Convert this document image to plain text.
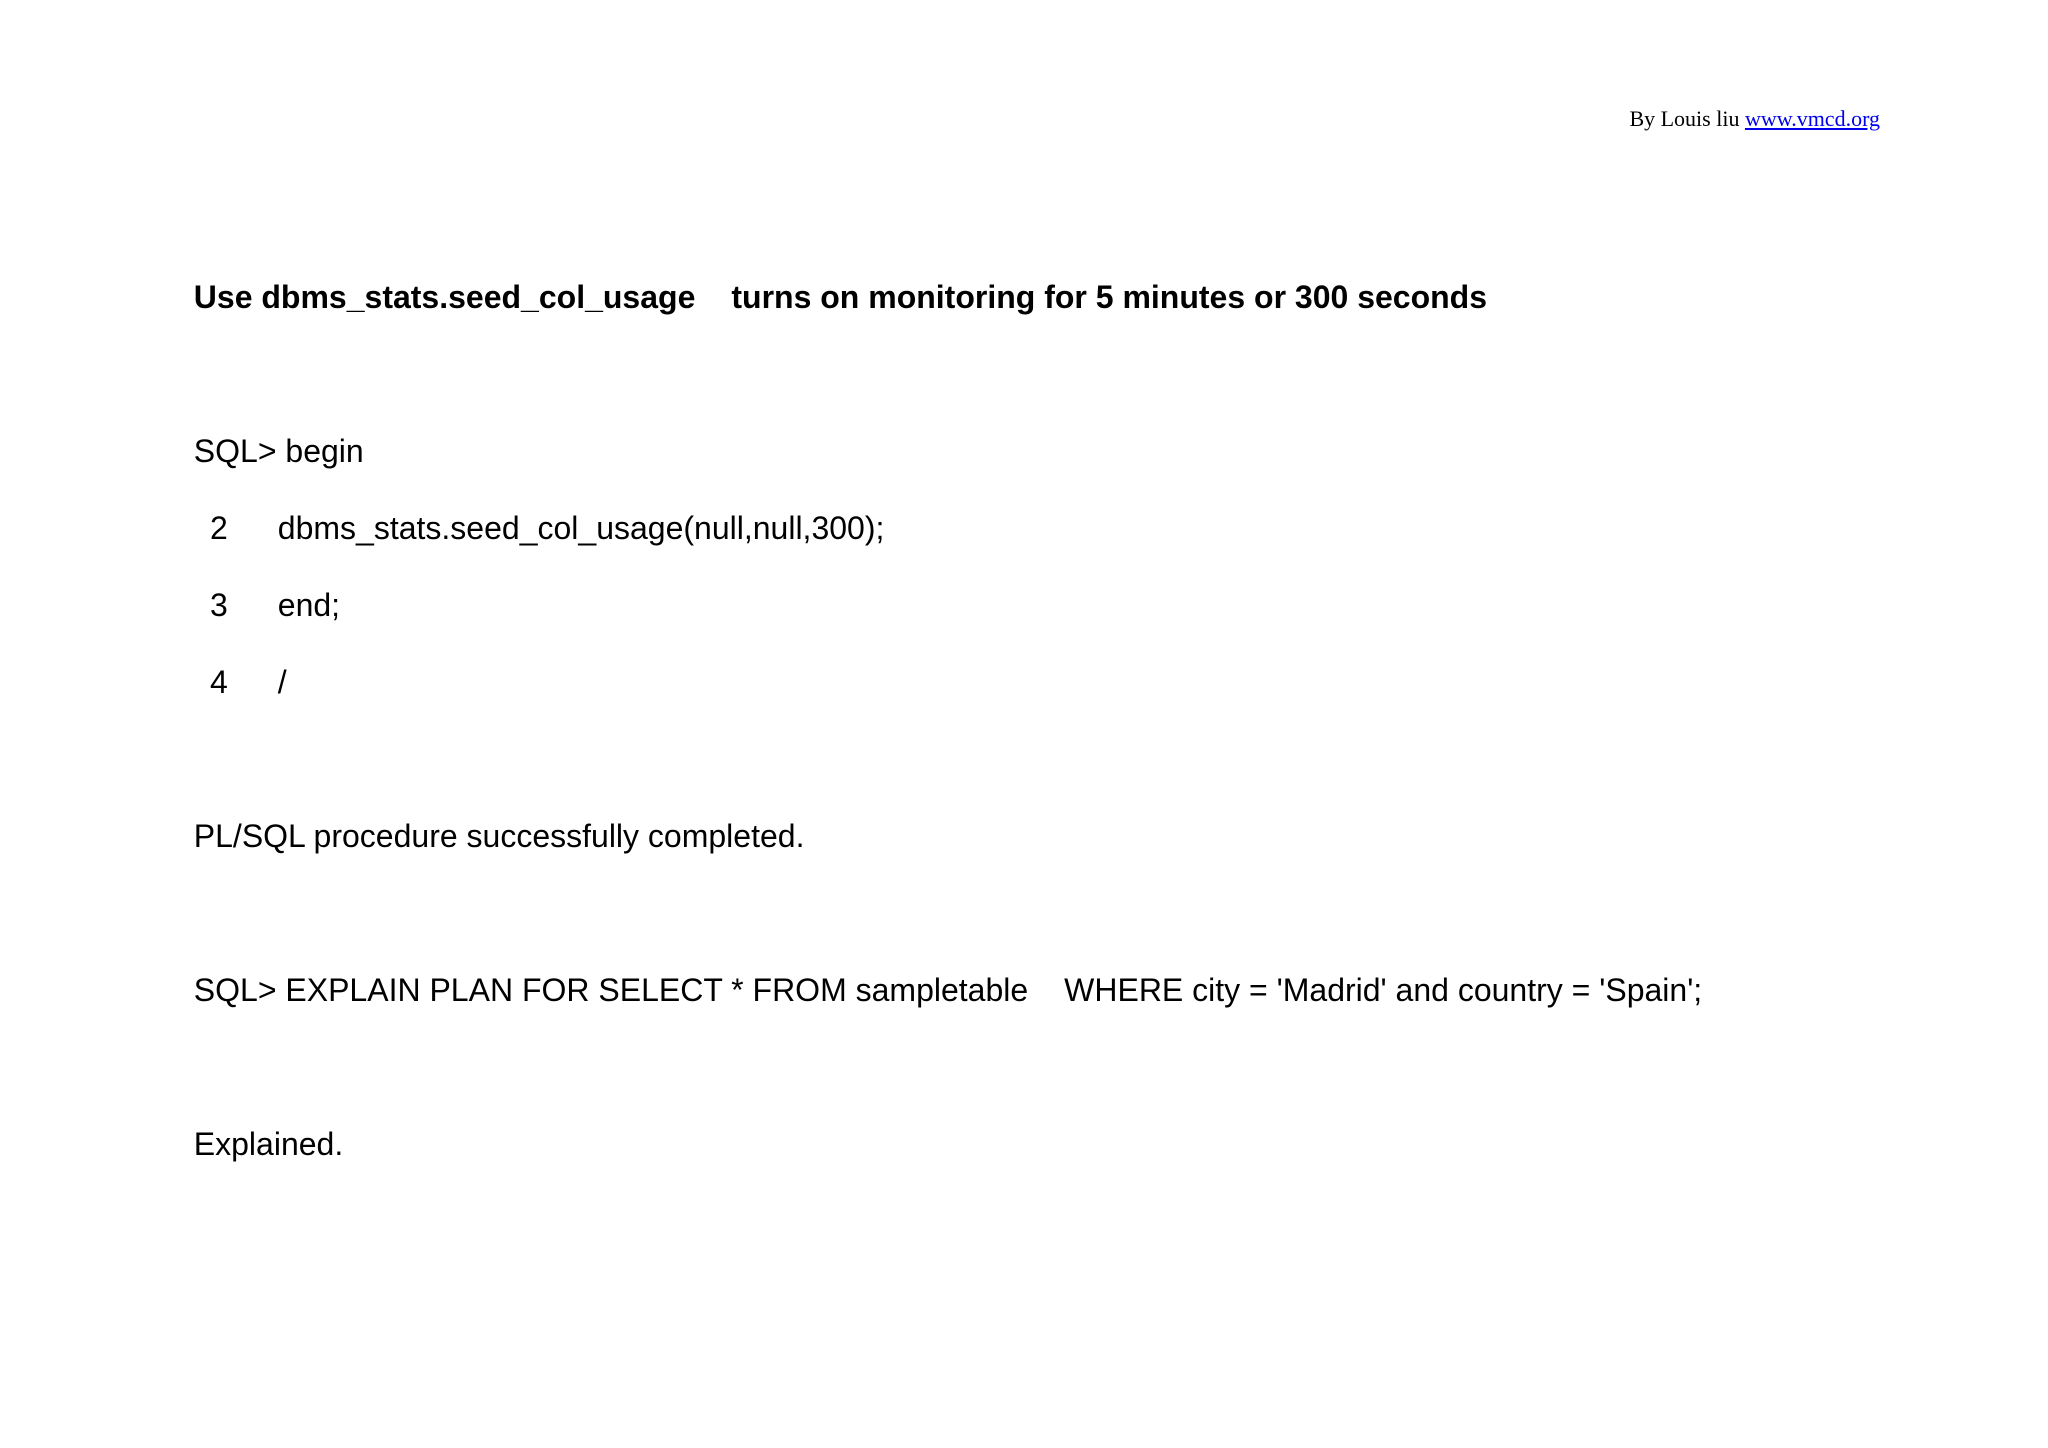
By Louis liu www.vmcd.org

Use dbms_stats.seed_col_usage turns on monitoring for 5 minutes or 300 seconds

SQL> begin

2 dbms_stats.seed_col_usage(null,null,300);

3 end;

4 /

PL/SQL procedure successfully completed.

SQL> EXPLAIN PLAN FOR SELECT * FROM sampletable WHERE city = 'Madrid' and country = 'Spain';

Explained.
